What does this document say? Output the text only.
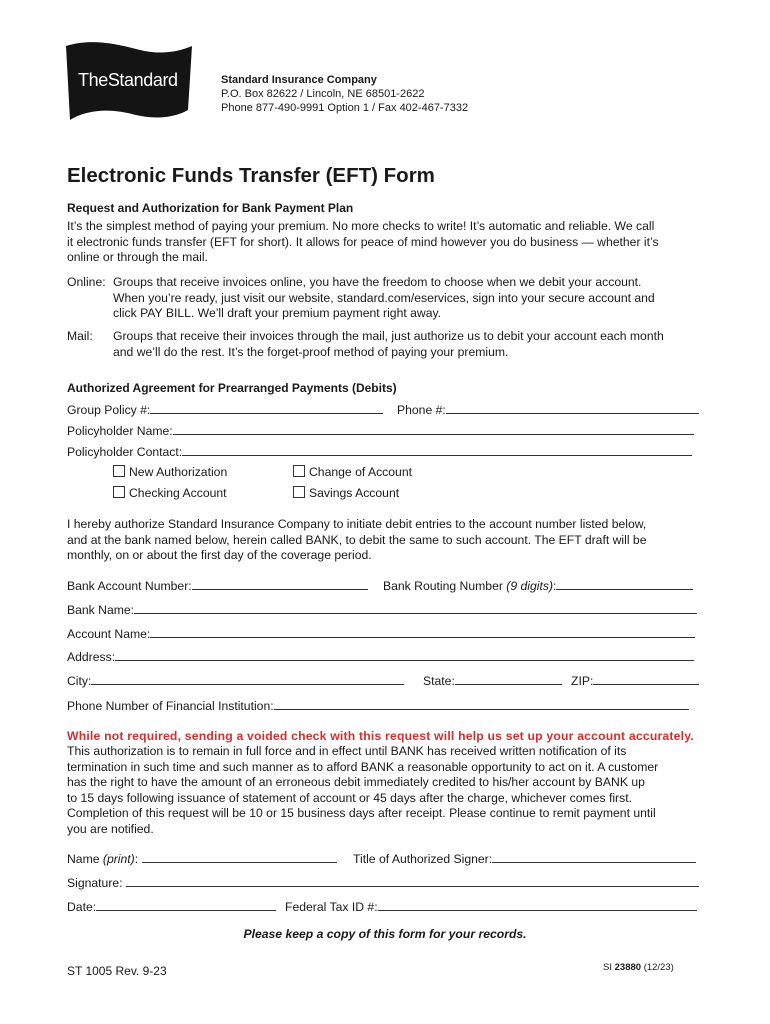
TheStandard ®
Standard Insurance Company
P.O. Box 82622 / Lincoln, NE 68501-2622
Phone 877-490-9991 Option 1 / Fax 402-467-7332
Electronic Funds Transfer (EFT) Form
Request and Authorization for Bank Payment Plan
It’s the simplest method of paying your premium. No more checks to write! It’s automatic and reliable. We call
it electronic funds transfer (EFT for short). It allows for peace of mind however you do business — whether it’s
online or through the mail.
Online: Groups that receive invoices online, you have the freedom to choose when we debit your account.
When you’re ready, just visit our website, standard.com/eservices, sign into your secure account and
click PAY BILL. We’ll draft your premium payment right away.
Mail: Groups that receive their invoices through the mail, just authorize us to debit your account each month
and we’ll do the rest. It’s the forget-proof method of paying your premium.
Authorized Agreement for Prearranged Payments (Debits)
Group Policy #:	Phone #:
Policyholder Name:
Policyholder Contact:
New Authorization	Change of Account
Checking Account	Savings Account
I hereby authorize Standard Insurance Company to initiate debit entries to the account number listed below,
and at the bank named below, herein called BANK, to debit the same to such account. The EFT draft will be
monthly, on or about the first day of the coverage period.
Bank Account Number:	Bank Routing Number (9 digits):
Bank Name:
Account Name:
Address:
City:	State:	ZIP:
Phone Number of Financial Institution:
While not required, sending a voided check with this request will help us set up your account accurately.
This authorization is to remain in full force and in effect until BANK has received written notification of its
termination in such time and such manner as to afford BANK a reasonable opportunity to act on it. A customer
has the right to have the amount of an erroneous debit immediately credited to his/her account by BANK up
to 15 days following issuance of statement of account or 45 days after the charge, whichever comes first.
Completion of this request will be 10 or 15 business days after receipt. Please continue to remit payment until
you are notified.
Name (print):	Title of Authorized Signer:
Signature:
Date:	Federal Tax ID #:
Please keep a copy of this form for your records.
ST 1005 Rev. 9-23	SI 23880 (12/23)
